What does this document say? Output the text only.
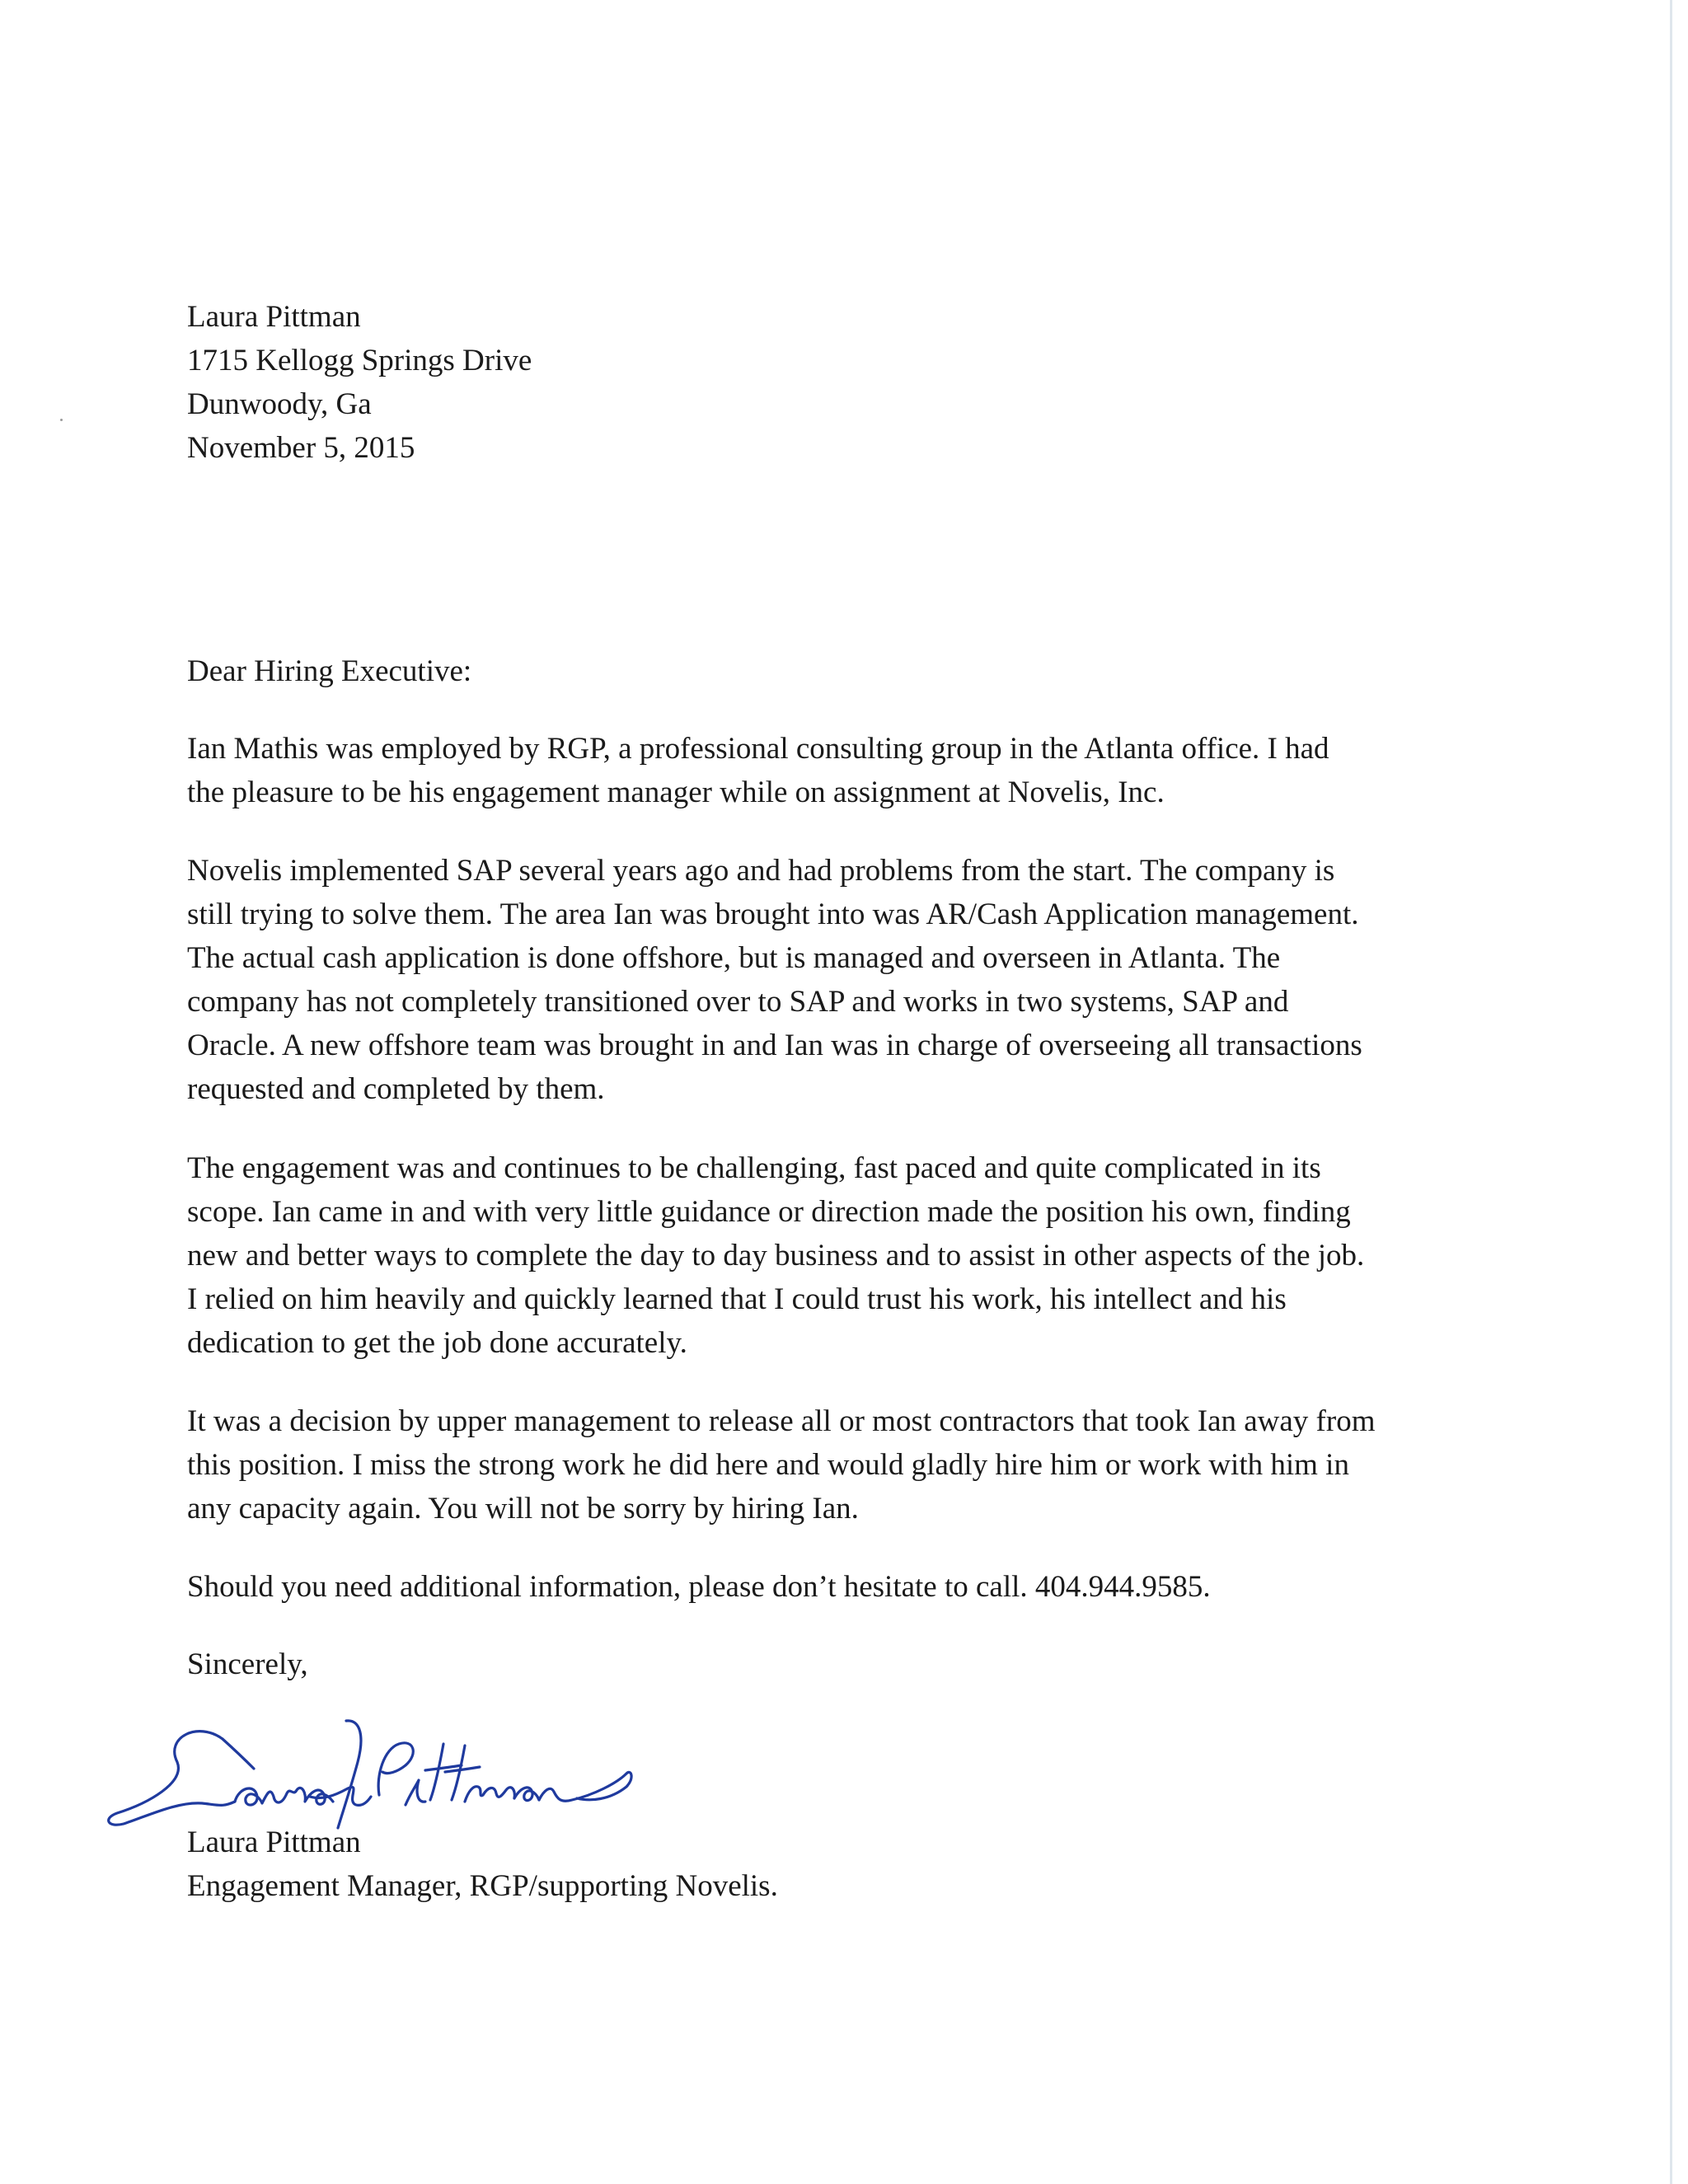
Laura Pittman
1715 Kellogg Springs Drive
Dunwoody, Ga
November 5, 2015
Dear Hiring Executive:
Ian Mathis was employed by RGP, a professional consulting group in the Atlanta office. I had
the pleasure to be his engagement manager while on assignment at Novelis, Inc.
Novelis implemented SAP several years ago and had problems from the start. The company is
still trying to solve them. The area Ian was brought into was AR/Cash Application management.
The actual cash application is done offshore, but is managed and overseen in Atlanta. The
company has not completely transitioned over to SAP and works in two systems, SAP and
Oracle. A new offshore team was brought in and Ian was in charge of overseeing all transactions
requested and completed by them.
The engagement was and continues to be challenging, fast paced and quite complicated in its
scope. Ian came in and with very little guidance or direction made the position his own, finding
new and better ways to complete the day to day business and to assist in other aspects of the job.
I relied on him heavily and quickly learned that I could trust his work, his intellect and his
dedication to get the job done accurately.
It was a decision by upper management to release all or most contractors that took Ian away from
this position. I miss the strong work he did here and would gladly hire him or work with him in
any capacity again. You will not be sorry by hiring Ian.
Should you need additional information, please don’t hesitate to call. 404.944.9585.
Sincerely,
Laura Pittman
Engagement Manager, RGP/supporting Novelis.
